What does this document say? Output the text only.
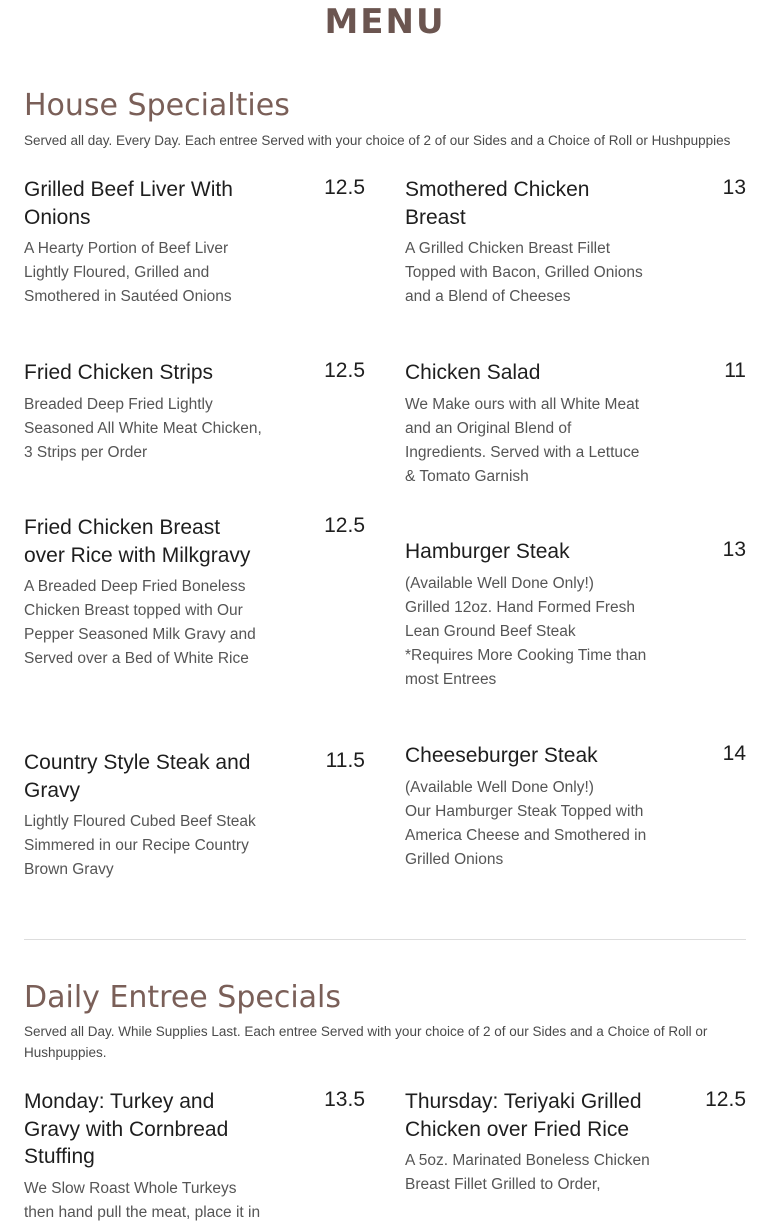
MENU
House Specialties
Served all day. Every Day. Each entree Served with your choice of 2 of our Sides and a Choice of Roll or Hushpuppies
Grilled Beef Liver With Onions
12.5
A Hearty Portion of Beef Liver Lightly Floured, Grilled and Smothered in Sautéed Onions
Smothered Chicken Breast
13
A Grilled Chicken Breast Fillet Topped with Bacon, Grilled Onions and a Blend of Cheeses
Fried Chicken Strips	12.5
Breaded Deep Fried Lightly Seasoned All White Meat Chicken, 3 Strips per Order
Chicken Salad	11
We Make ours with all White Meat and an Original Blend of Ingredients. Served with a Lettuce & Tomato Garnish
Fried Chicken Breast over Rice with Milkgravy
12.5
A Breaded Deep Fried Boneless Chicken Breast topped with Our Pepper Seasoned Milk Gravy and Served over a Bed of White Rice
Hamburger Steak	13
(Available Well Done Only!)
Grilled 12oz. Hand Formed Fresh Lean Ground Beef Steak
*Requires More Cooking Time than most Entrees
Country Style Steak and Gravy
11.5
Lightly Floured Cubed Beef Steak Simmered in our Recipe Country Brown Gravy
Cheeseburger Steak	14
(Available Well Done Only!)
Our Hamburger Steak Topped with America Cheese and Smothered in Grilled Onions
Daily Entree Specials
Served all Day. While Supplies Last. Each entree Served with your choice of 2 of our Sides and a Choice of Roll or Hushpuppies.
Monday: Turkey and Gravy with Cornbread Stuffing
13.5
We Slow Roast Whole Turkeys then hand pull the meat, place it in
Thursday: Teriyaki Grilled Chicken over Fried Rice
12.5
A 5oz. Marinated Boneless Chicken Breast Fillet Grilled to Order,
